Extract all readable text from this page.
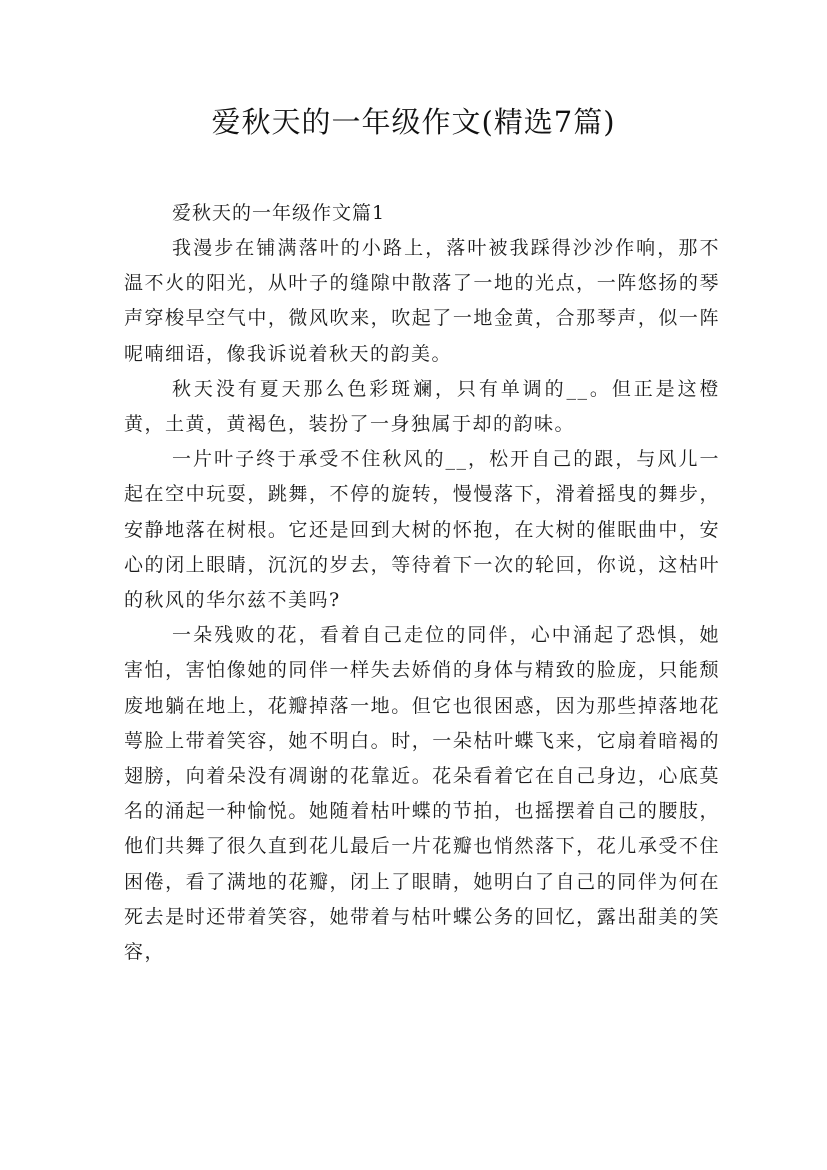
爱秋天的一年级作文(精选7篇)

爱秋天的一年级作文篇1

我漫步在铺满落叶的小路上，落叶被我踩得沙沙作响，那不温不火的阳光，从叶子的缝隙中散落了一地的光点，一阵悠扬的琴声穿梭早空气中，微风吹来，吹起了一地金黄，合那琴声，似一阵呢喃细语，像我诉说着秋天的韵美。

秋天没有夏天那么色彩斑斓，只有单调的__。但正是这橙黄，土黄，黄褐色，装扮了一身独属于却的韵味。

一片叶子终于承受不住秋风的__，松开自己的跟，与风儿一起在空中玩耍，跳舞，不停的旋转，慢慢落下，滑着摇曳的舞步，安静地落在树根。它还是回到大树的怀抱，在大树的催眠曲中，安心的闭上眼睛，沉沉的岁去，等待着下一次的轮回，你说，这枯叶的秋风的华尔兹不美吗?

一朵残败的花，看着自己走位的同伴，心中涌起了恐惧，她害怕，害怕像她的同伴一样失去娇俏的身体与精致的脸庞，只能颓废地躺在地上，花瓣掉落一地。但它也很困惑，因为那些掉落地花萼脸上带着笑容，她不明白。时，一朵枯叶蝶飞来，它扇着暗褐的翅膀，向着朵没有凋谢的花靠近。花朵看着它在自己身边，心底莫名的涌起一种愉悦。她随着枯叶蝶的节拍，也摇摆着自己的腰肢，他们共舞了很久直到花儿最后一片花瓣也悄然落下，花儿承受不住困倦，看了满地的花瓣，闭上了眼睛，她明白了自己的同伴为何在死去是时还带着笑容，她带着与枯叶蝶公务的回忆，露出甜美的笑容，
